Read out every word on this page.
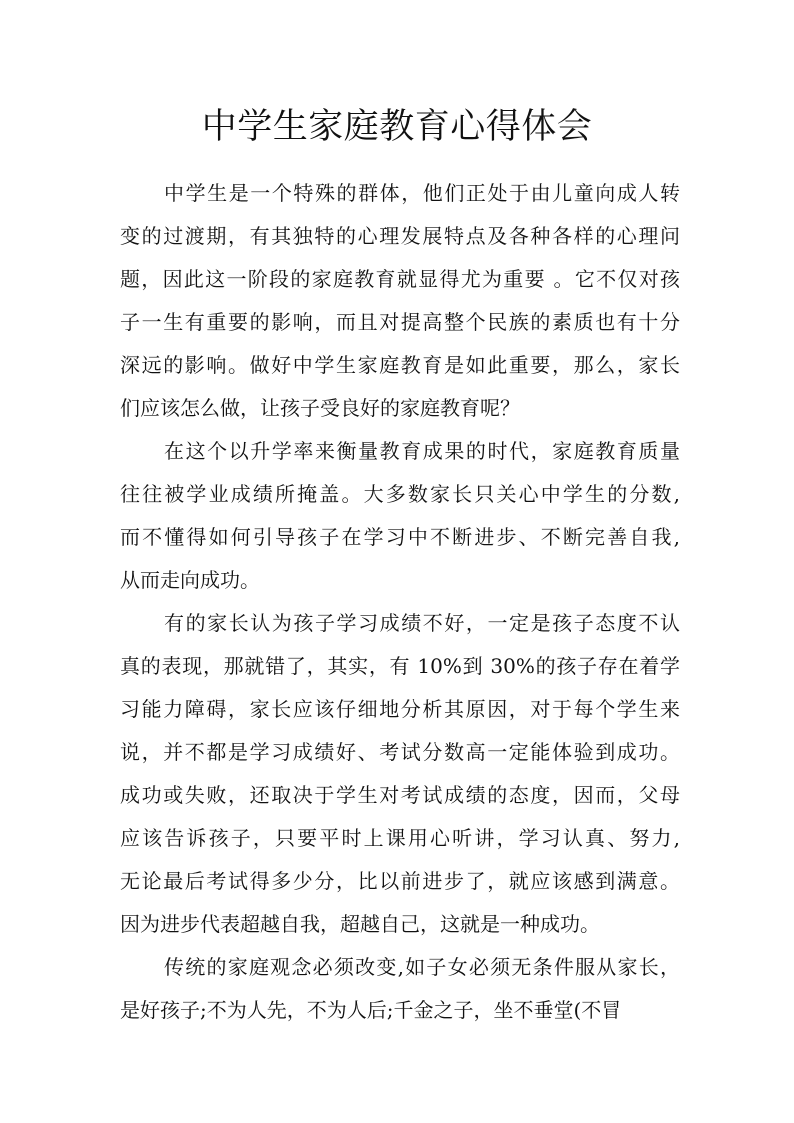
中学生家庭教育心得体会
中学生是一个特殊的群体，他们正处于由儿童向成人转
变的过渡期，有其独特的心理发展特点及各种各样的心理问
题，因此这一阶段的家庭教育就显得尤为重要 。它不仅对孩
子一生有重要的影响，而且对提高整个民族的素质也有十分
深远的影响。做好中学生家庭教育是如此重要，那么，家长
们应该怎么做，让孩子受良好的家庭教育呢？
在这个以升学率来衡量教育成果的时代，家庭教育质量
往往被学业成绩所掩盖。大多数家长只关心中学生的分数,
而不懂得如何引导孩子在学习中不断进步、不断完善自我,
从而走向成功。
有的家长认为孩子学习成绩不好，一定是孩子态度不认
真的表现，那就错了，其实，有 10%到 30%的孩子存在着学
习能力障碍，家长应该仔细地分析其原因，对于每个学生来
说，并不都是学习成绩好、考试分数高一定能体验到成功。
成功或失败，还取决于学生对考试成绩的态度，因而，父母
应该告诉孩子，只要平时上课用心听讲，学习认真、努力,
无论最后考试得多少分，比以前进步了，就应该感到满意。
因为进步代表超越自我，超越自己，这就是一种成功。
传统的家庭观念必须改变,如子女必须无条件服从家长，
是好孩子;不为人先，不为人后;千金之子，坐不垂堂(不冒
